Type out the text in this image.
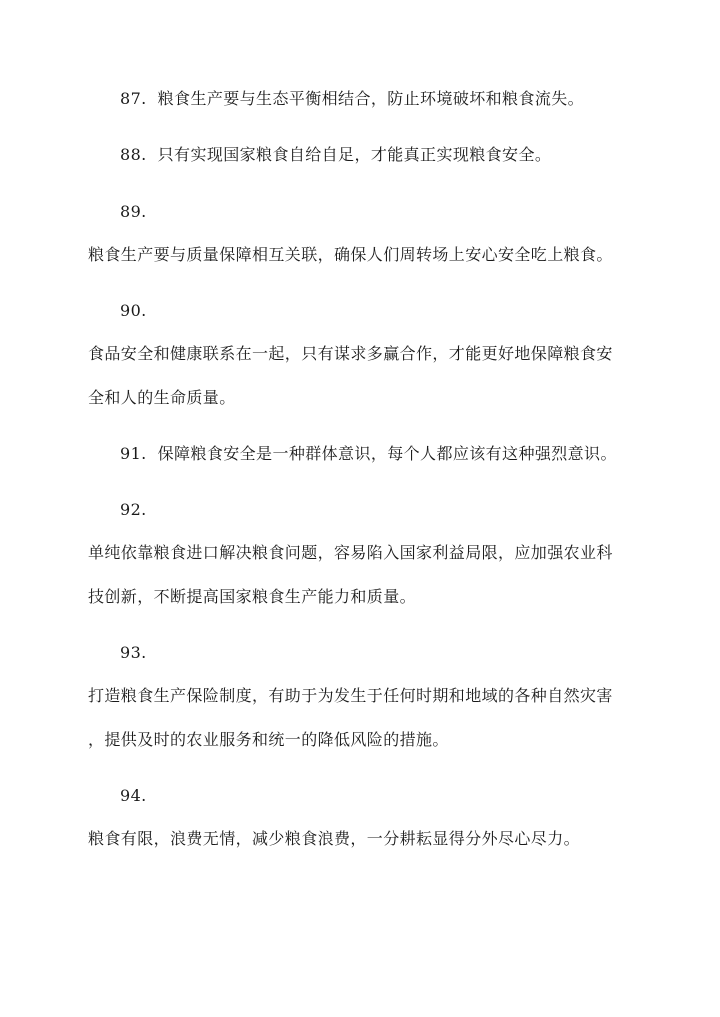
87. 粮食生产要与生态平衡相结合，防止环境破坏和粮食流失。
88. 只有实现国家粮食自给自足，才能真正实现粮食安全。
89.
粮食生产要与质量保障相互关联，确保人们周转场上安心安全吃上粮食。
90.
食品安全和健康联系在一起，只有谋求多赢合作，才能更好地保障粮食安
全和人的生命质量。
91. 保障粮食安全是一种群体意识，每个人都应该有这种强烈意识。
92.
单纯依靠粮食进口解决粮食问题，容易陷入国家利益局限，应加强农业科
技创新，不断提高国家粮食生产能力和质量。
93.
打造粮食生产保险制度，有助于为发生于任何时期和地域的各种自然灾害
，提供及时的农业服务和统一的降低风险的措施。
94.
粮食有限，浪费无情，减少粮食浪费，一分耕耘显得分外尽心尽力。
